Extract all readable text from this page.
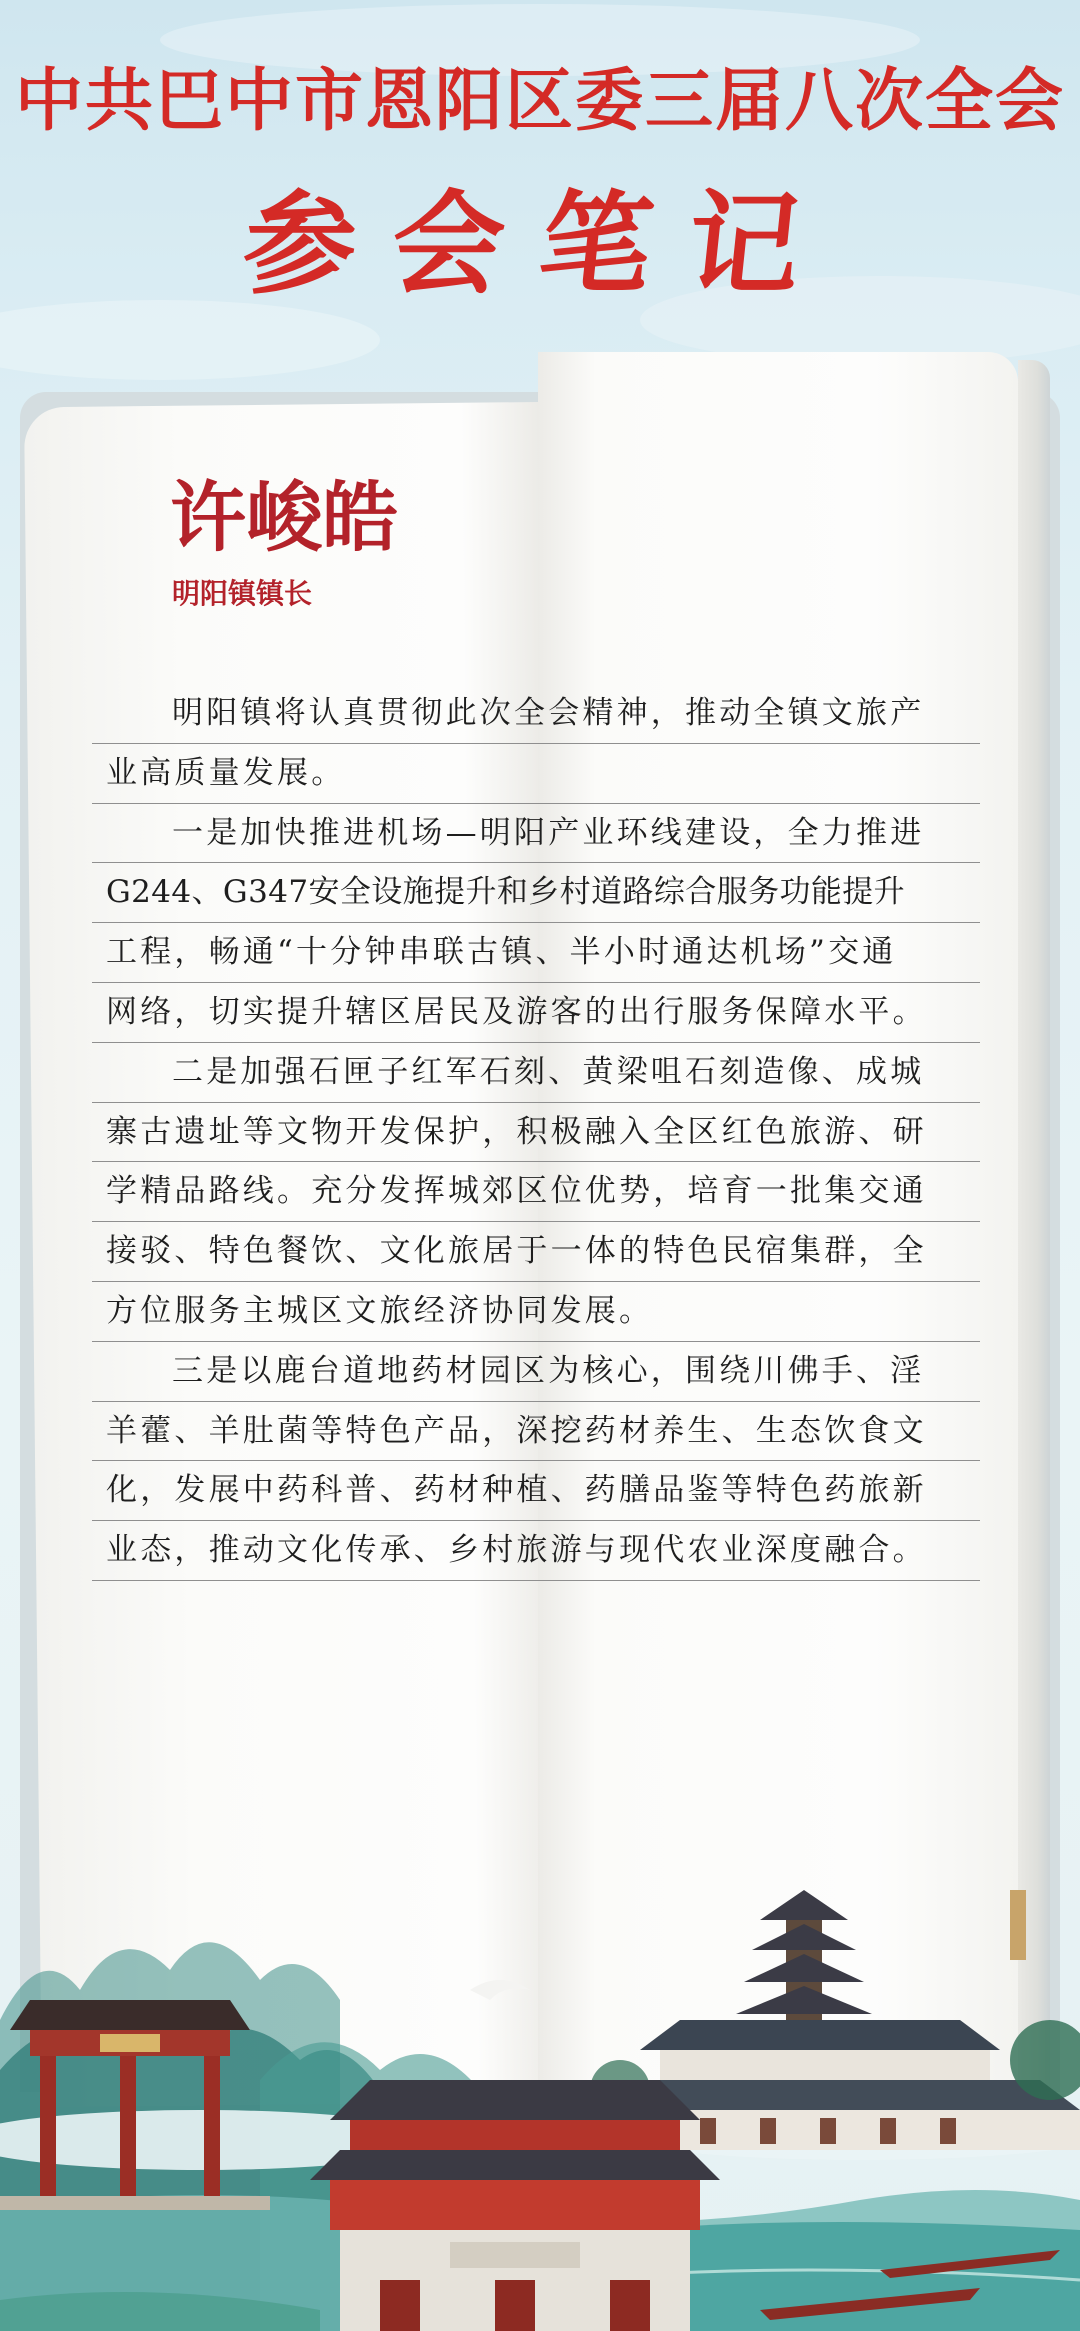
中共巴中市恩阳区委三届八次全会
参会笔记
许峻皓
明阳镇镇长
明阳镇将认真贯彻此次全会精神，推动全镇文旅产
业高质量发展。
一是加快推进机场—明阳产业环线建设，全力推进
G244、G347安全设施提升和乡村道路综合服务功能提升
工程，畅通“十分钟串联古镇、半小时通达机场”交通
网络，切实提升辖区居民及游客的出行服务保障水平。
二是加强石匣子红军石刻、黄梁咀石刻造像、成城
寨古遗址等文物开发保护，积极融入全区红色旅游、研
学精品路线。充分发挥城郊区位优势，培育一批集交通
接驳、特色餐饮、文化旅居于一体的特色民宿集群，全
方位服务主城区文旅经济协同发展。
三是以鹿台道地药材园区为核心，围绕川佛手、淫
羊藿、羊肚菌等特色产品，深挖药材养生、生态饮食文
化，发展中药科普、药材种植、药膳品鉴等特色药旅新
业态，推动文化传承、乡村旅游与现代农业深度融合。
